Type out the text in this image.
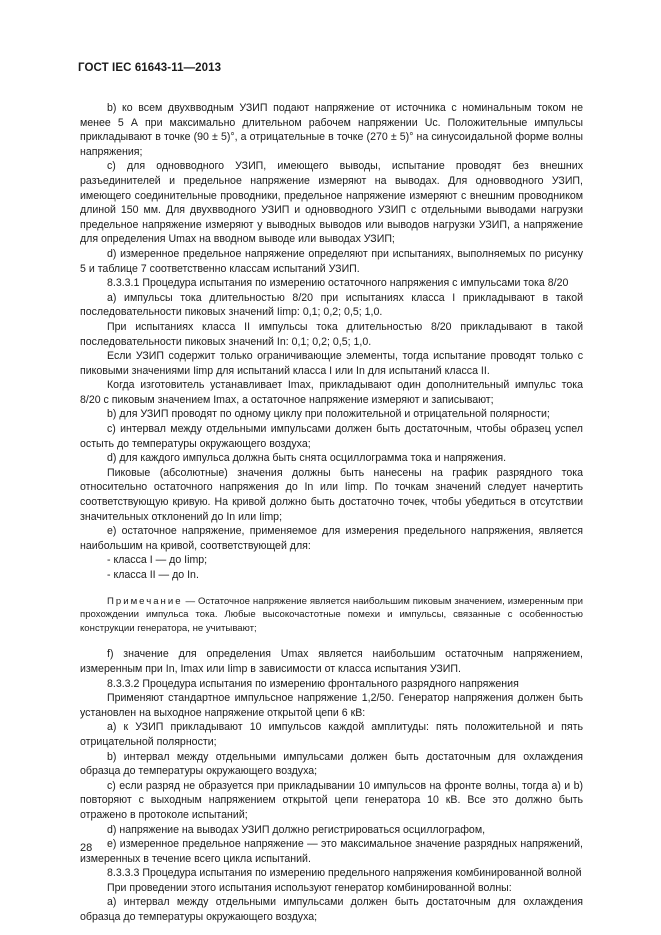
ГОСТ IEC 61643-11—2013

b) ко всем двухвводным УЗИП подают напряжение от источника с номинальным током не менее 5 А при максимально длительном рабочем напряжении Uc. Положительные импульсы прикладывают в точке (90 ± 5)°, а отрицательные в точке (270 ± 5)° на синусоидальной форме волны напряжения;

с) для одновводного УЗИП, имеющего выводы, испытание проводят без внешних разъединителей и предельное напряжение измеряют на выводах. Для одновводного УЗИП, имеющего соединительные проводники, предельное напряжение измеряют с внешним проводником длиной 150 мм. Для двухвводного УЗИП и одновводного УЗИП с отдельными выводами нагрузки предельное напряжение измеряют у выводных выводов или выводов нагрузки УЗИП, а напряжение для определения Umax на вводном выводе или выводах УЗИП;

d) измеренное предельное напряжение определяют при испытаниях, выполняемых по рисунку 5 и таблице 7 соответственно классам испытаний УЗИП.

8.3.3.1 Процедура испытания по измерению остаточного напряжения с импульсами тока 8/20

а) импульсы тока длительностью 8/20 при испытаниях класса I прикладывают в такой последовательности пиковых значений Iimp: 0,1; 0,2; 0,5; 1,0.

При испытаниях класса II импульсы тока длительностью 8/20 прикладывают в такой последовательности пиковых значений In: 0,1; 0,2; 0,5; 1,0.

Если УЗИП содержит только ограничивающие элементы, тогда испытание проводят только с пиковыми значениями Iimp для испытаний класса I или In для испытаний класса II.

Когда изготовитель устанавливает Imax, прикладывают один дополнительный импульс тока 8/20 с пиковым значением Imax, а остаточное напряжение измеряют и записывают;

b) для УЗИП проводят по одному циклу при положительной и отрицательной полярности;

с) интервал между отдельными импульсами должен быть достаточным, чтобы образец успел остыть до температуры окружающего воздуха;

d) для каждого импульса должна быть снята осциллограмма тока и напряжения.

Пиковые (абсолютные) значения должны быть нанесены на график разрядного тока относительно остаточного напряжения до In или Iimp. По точкам значений следует начертить соответствующую кривую. На кривой должно быть достаточно точек, чтобы убедиться в отсутствии значительных отклонений до In или Iimp;

е) остаточное напряжение, применяемое для измерения предельного напряжения, является наибольшим на кривой, соответствующей для:

- класса I — до Iimp;

- класса II — до In.

Примечание — Остаточное напряжение является наибольшим пиковым значением, измеренным при прохождении импульса тока. Любые высокочастотные помехи и импульсы, связанные с особенностью конструкции генератора, не учитывают;

f) значение для определения Umax является наибольшим остаточным напряжением, измеренным при In, Imax или Iimp в зависимости от класса испытания УЗИП.

8.3.3.2 Процедура испытания по измерению фронтального разрядного напряжения

Применяют стандартное импульсное напряжение 1,2/50. Генератор напряжения должен быть установлен на выходное напряжение открытой цепи 6 кВ:

а) к УЗИП прикладывают 10 импульсов каждой амплитуды: пять положительной и пять отрицательной полярности;

b) интервал между отдельными импульсами должен быть достаточным для охлаждения образца до температуры окружающего воздуха;

с) если разряд не образуется при прикладывании 10 импульсов на фронте волны, тогда а) и b) повторяют с выходным напряжением открытой цепи генератора 10 кВ. Все это должно быть отражено в протоколе испытаний;

d) напряжение на выводах УЗИП должно регистрироваться осциллографом,

е) измеренное предельное напряжение — это максимальное значение разрядных напряжений, измеренных в течение всего цикла испытаний.

8.3.3.3 Процедура испытания по измерению предельного напряжения комбинированной волной

При проведении этого испытания используют генератор комбинированной волны:

а) интервал между отдельными импульсами должен быть достаточным для охлаждения образца до температуры окружающего воздуха;

28
